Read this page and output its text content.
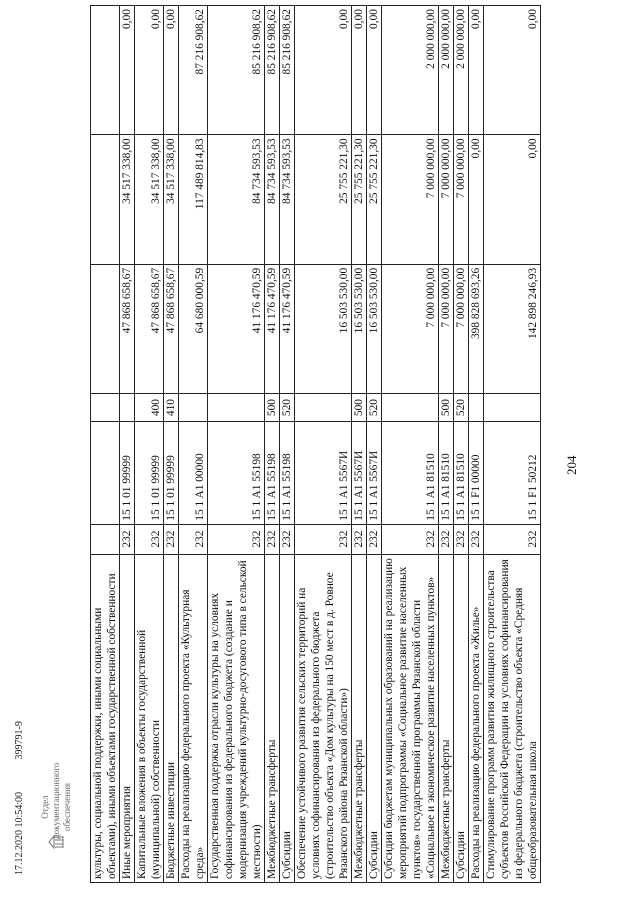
17.12.2020 10:54:00 399791-9
Отдел документационного обеспечения культуры, социальной поддержки, иными социальными объектами), иными объектами государственной собственности						
Иные мероприятия	232	15 1 01 99999		47 868 658,67	34 517 338,00	0,00
Капитальные вложения в объекты государственной (муниципальной) собственности	232	15 1 01 99999	400	47 868 658,67	34 517 338,00	0,00
Бюджетные инвестиции	232	15 1 01 99999	410	47 868 658,67	34 517 338,00	0,00
Расходы на реализацию федерального проекта «Культурная среда»	232	15 1 A1 00000		64 680 000,59	117 489 814,83	87 216 908,62
Государственная поддержка отрасли культуры на условиях софинансирования из федерального бюджета (создание и модернизация учреждений культурно-досугового типа в сельской местности)	232	15 1 A1 55198		41 176 470,59	84 734 593,53	85 216 908,62
Межбюджетные трансферты	232	15 1 A1 55198	500	41 176 470,59	84 734 593,53	85 216 908,62
Субсидии	232	15 1 A1 55198	520	41 176 470,59	84 734 593,53	85 216 908,62
Обеспечение устойчивого развития сельских территорий на условиях софинансирования из федерального бюджета (строительство объекта «Дом культуры на 150 мест в д. Ровное Рязанского района Рязанской области»)	232	15 1 A1 5567И		16 503 530,00	25 755 221,30	0,00
Межбюджетные трансферты	232	15 1 A1 5567И	500	16 503 530,00	25 755 221,30	0,00
Субсидии	232	15 1 A1 5567И	520	16 503 530,00	25 755 221,30	0,00
Субсидии бюджетам муниципальных образований на реализацию мероприятий подпрограммы «Социальное развитие населенных пунктов» государственной программы Рязанской области «Социальное и экономическое развитие населенных пунктов»	232	15 1 A1 81510		7 000 000,00	7 000 000,00	2 000 000,00
Межбюджетные трансферты	232	15 1 A1 81510	500	7 000 000,00	7 000 000,00	2 000 000,00
Субсидии	232	15 1 A1 81510	520	7 000 000,00	7 000 000,00	2 000 000,00
Расходы на реализацию федерального проекта «Жилье»	232	15 1 F1 00000		398 828 693,26	0,00	0,00
Стимулирование программ развития жилищного строительства субъектов Российской Федерации на условиях софинансирования из федерального бюджета (строительство объекта «Средняя общеобразовательная школа	232	15 1 F1 50212		142 898 246,93	0,00	0,00
204
